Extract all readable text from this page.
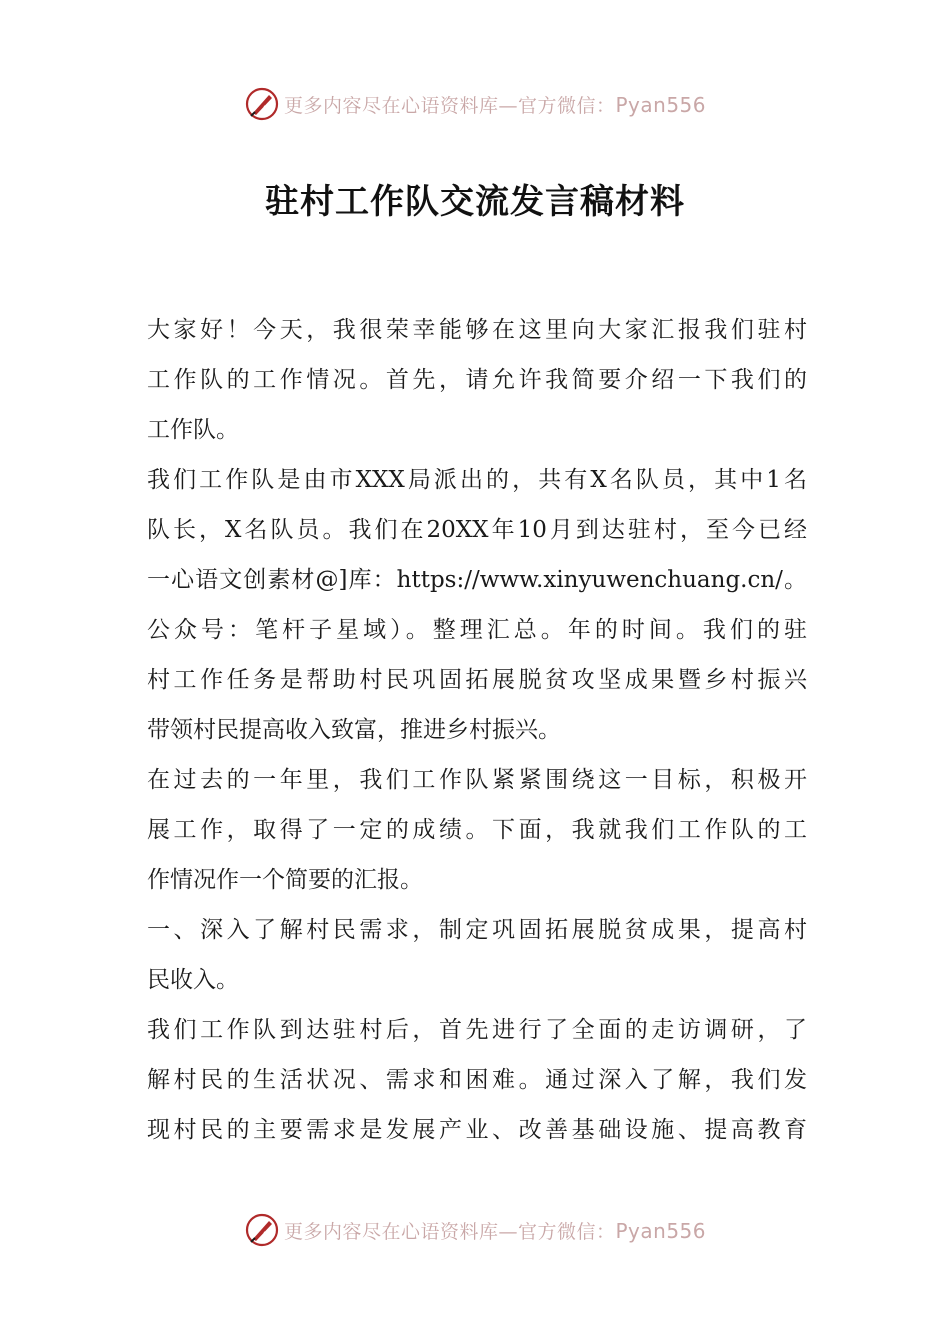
更多内容尽在心语资料库—官方微信：Pyan556
驻村工作队交流发言稿材料

大家好！今天，我很荣幸能够在这里向大家汇报我们驻村

工作队的工作情况。首先，请允许我简要介绍一下我们的

工作队。

我们工作队是由市XXX局派出的，共有X名队员，其中1名

队长，X名队员。我们在20XX年10月到达驻村，至今已经

一心语文创素材@]库：https://www.xinyuwenchuang.cn/。

公众号：笔杆子星域）。整理汇总。年的时间。我们的驻

村工作任务是帮助村民巩固拓展脱贫攻坚成果暨乡村振兴

带领村民提高收入致富，推进乡村振兴。

在过去的一年里，我们工作队紧紧围绕这一目标，积极开

展工作，取得了一定的成绩。下面，我就我们工作队的工

作情况作一个简要的汇报。

一、深入了解村民需求，制定巩固拓展脱贫成果，提高村

民收入。

我们工作队到达驻村后，首先进行了全面的走访调研，了

解村民的生活状况、需求和困难。通过深入了解，我们发

现村民的主要需求是发展产业、改善基础设施、提高教育

更多内容尽在心语资料库—官方微信：Pyan556
